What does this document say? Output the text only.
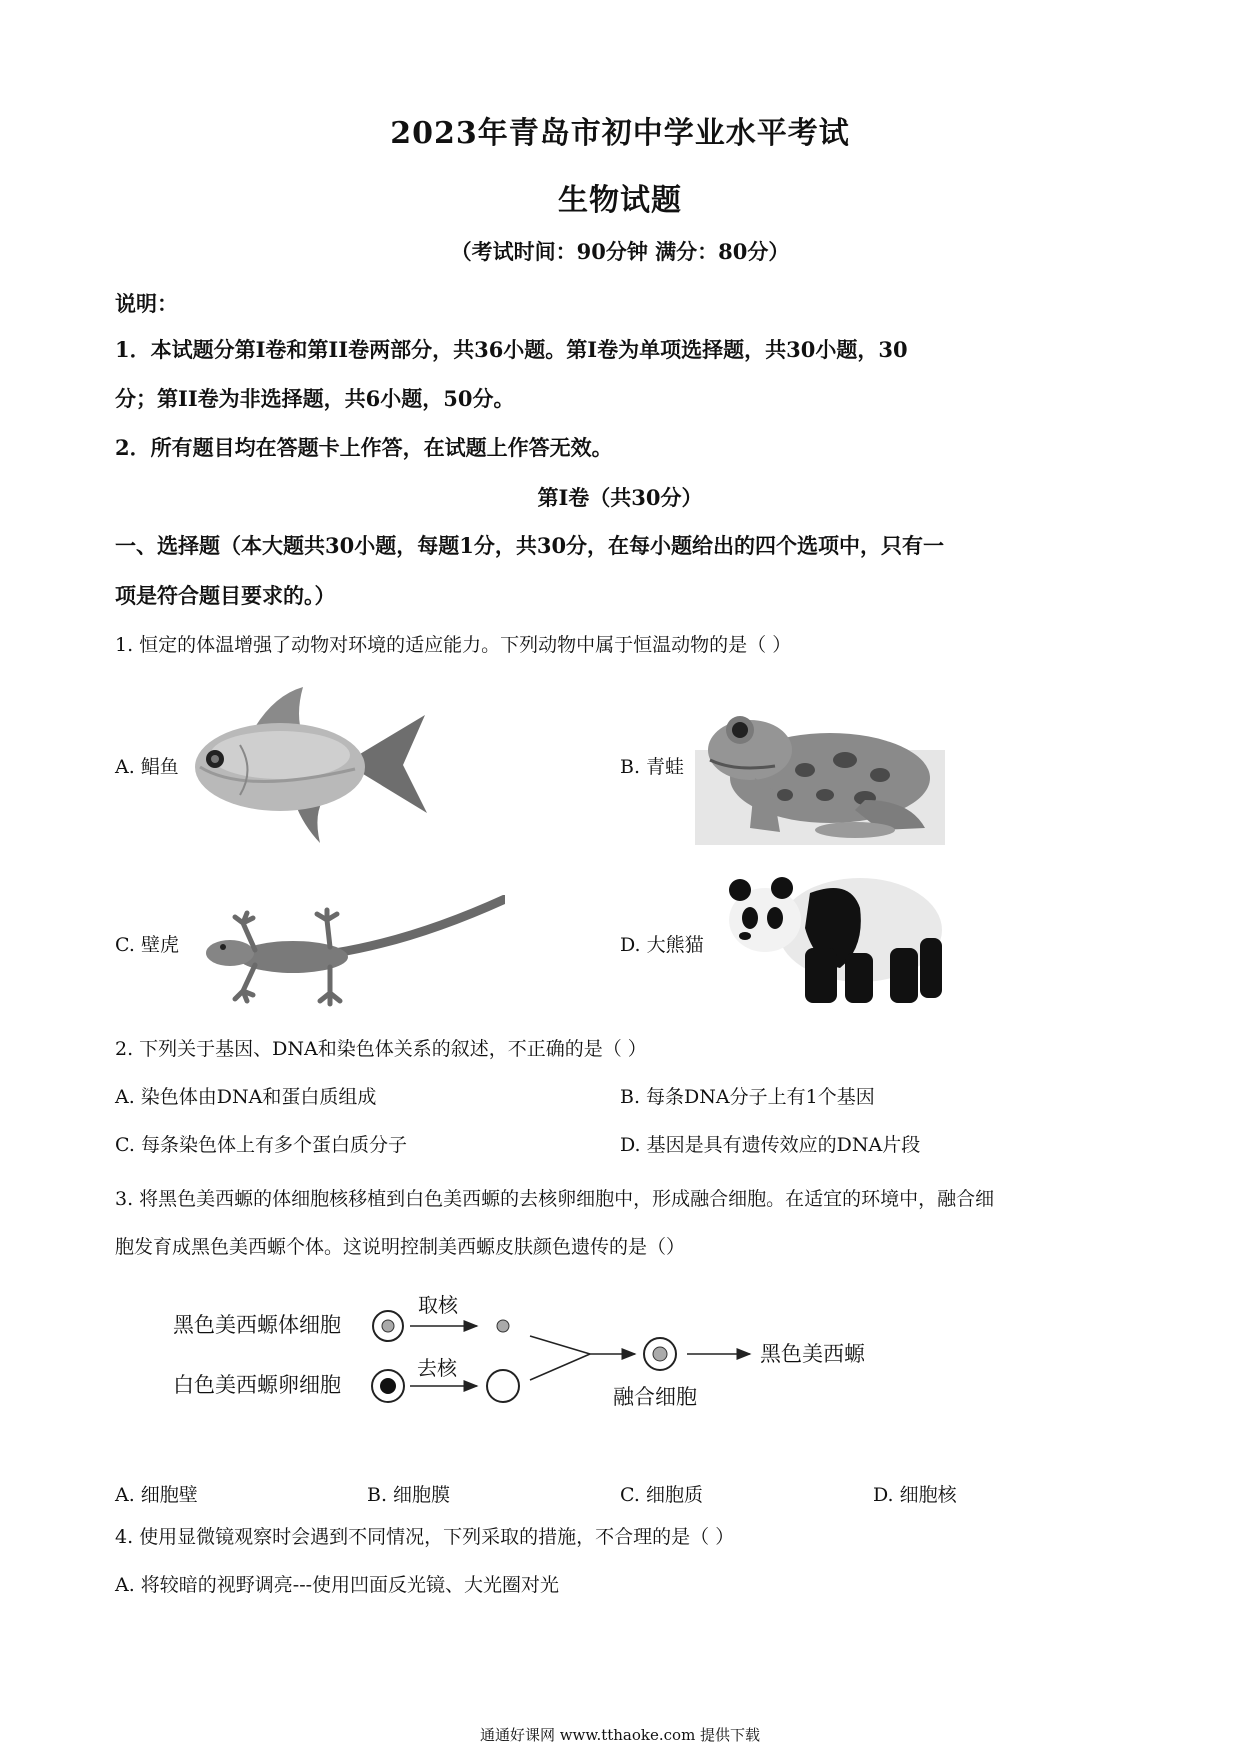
2023年青岛市初中学业水平考试
生物试题
（考试时间：90分钟 满分：80分）
说明：
1．本试题分第I卷和第II卷两部分，共36小题。第I卷为单项选择题，共30小题，30
分；第II卷为非选择题，共6小题，50分。
2．所有题目均在答题卡上作答，在试题上作答无效。
第I卷（共30分）
一、选择题（本大题共30小题，每题1分，共30分，在每小题给出的四个选项中，只有一
项是符合题目要求的。）
1. 恒定的体温增强了动物对环境的适应能力。下列动物中属于恒温动物的是（ ）
A. 鲳鱼	B. 青蛙
C. 壁虎	D. 大熊猫
2. 下列关于基因、DNA和染色体关系的叙述，不正确的是（ ）
A. 染色体由DNA和蛋白质组成	B. 每条DNA分子上有1个基因
C. 每条染色体上有多个蛋白质分子	D. 基因是具有遗传效应的DNA片段
3. 将黑色美西螈的体细胞核移植到白色美西螈的去核卵细胞中，形成融合细胞。在适宜的环境中，融合细
胞发育成黑色美西螈个体。这说明控制美西螈皮肤颜色遗传的是（）
黑色美西螈体细胞
取核
白色美西螈卵细胞
去核
融合细胞
黑色美西螈
A. 细胞壁	B. 细胞膜	C. 细胞质	D. 细胞核
4. 使用显微镜观察时会遇到不同情况，下列采取的措施，不合理的是（ ）
A. 将较暗的视野调亮---使用凹面反光镜、大光圈对光
通通好课网 www.tthaoke.com 提供下载
